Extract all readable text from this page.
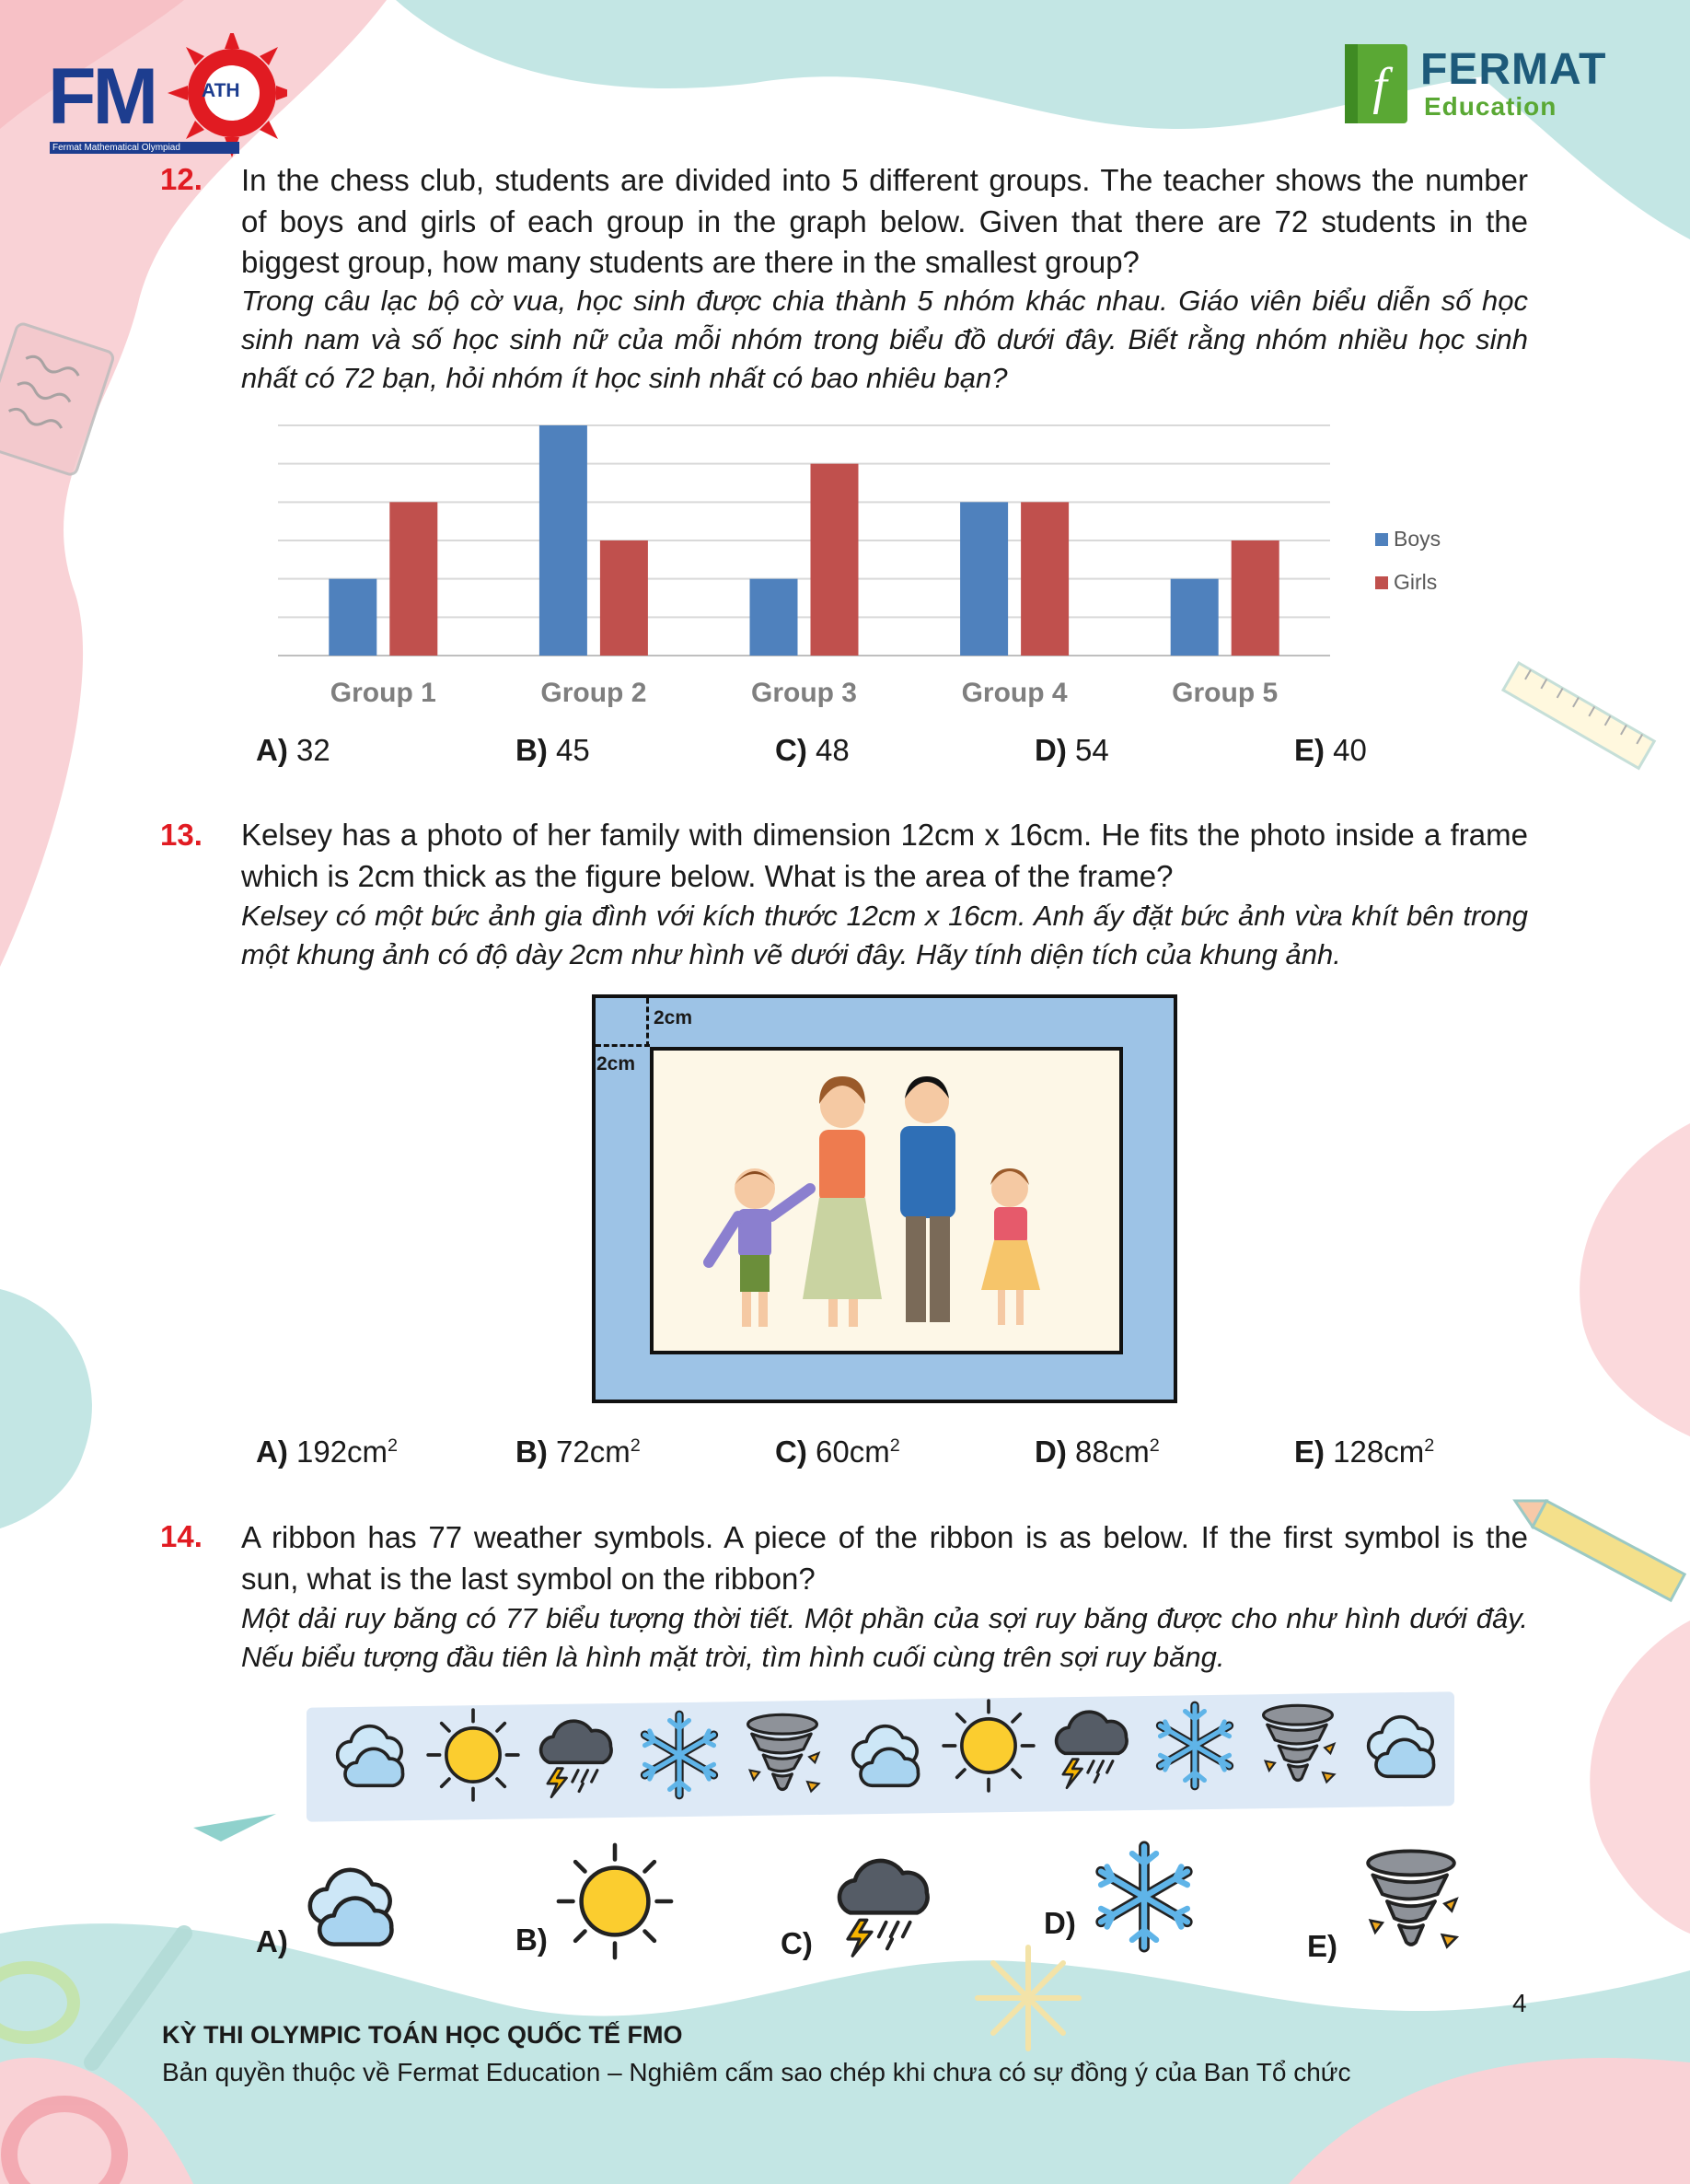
FM ATH
Fermat Mathematical Olympiad
f FERMAT
Education
12. In the chess club, students are divided into 5 different groups. The teacher shows the number of boys and girls of each group in the graph below. Given that there are 72 students in the biggest group, how many students are there in the smallest group?
Trong câu lạc bộ cờ vua, học sinh được chia thành 5 nhóm khác nhau. Giáo viên biểu diễn số học sinh nam và số học sinh nữ của mỗi nhóm trong biểu đồ dưới đây. Biết rằng nhóm nhiều học sinh nhất có 72 bạn, hỏi nhóm ít học sinh nhất có bao nhiêu bạn?
A) 32	B) 45	C) 48	D) 54	E) 40
13. Kelsey has a photo of her family with dimension 12cm x 16cm. He fits the photo inside a frame which is 2cm thick as the figure below. What is the area of the frame?
Kelsey có một bức ảnh gia đình với kích thước 12cm x 16cm. Anh ấy đặt bức ảnh vừa khít bên trong một khung ảnh có độ dày 2cm như hình vẽ dưới đây. Hãy tính diện tích của khung ảnh.
2cm
2cm
A) $192cm^2$	B) $72cm^2$	C) $60cm^2$	D) $88cm^2$	E) $128cm^2$
14. A ribbon has 77 weather symbols. A piece of the ribbon is as below. If the first symbol is the sun, what is the last symbol on the ribbon?
Một dải ruy băng có 77 biểu tượng thời tiết. Một phần của sợi ruy băng được cho như hình dưới đây. Nếu biểu tượng đầu tiên là hình mặt trời, tìm hình cuối cùng trên sợi ruy băng.
A)	B)	C)
D)
E)
4
KỲ THI OLYMPIC TOÁN HỌC QUỐC TẾ FMO
Bản quyền thuộc về Fermat Education – Nghiêm cấm sao chép khi chưa có sự đồng ý của Ban Tổ chức
Group 1	Group 2	Group 3	Group 4	Group 5
Boys
Girls
